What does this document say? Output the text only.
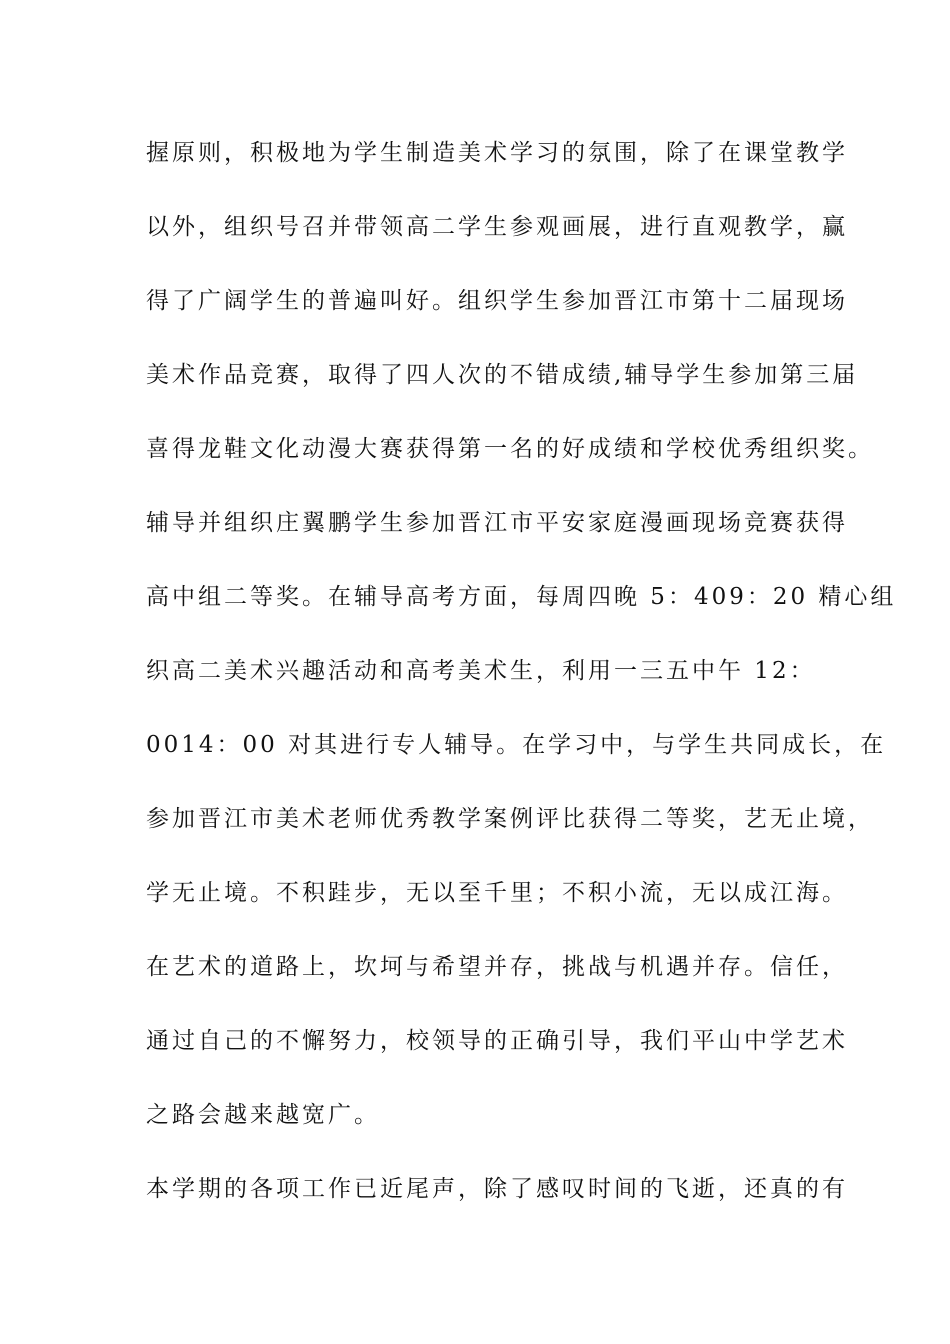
握原则，积极地为学生制造美术学习的氛围，除了在课堂教学
以外，组织号召并带领高二学生参观画展，进行直观教学，赢
得了广阔学生的普遍叫好。组织学生参加晋江市第十二届现场
美术作品竞赛，取得了四人次的不错成绩,辅导学生参加第三届
喜得龙鞋文化动漫大赛获得第一名的好成绩和学校优秀组织奖。
辅导并组织庄翼鹏学生参加晋江市平安家庭漫画现场竞赛获得
高中组二等奖。在辅导高考方面，每周四晚 5：409：20 精心组
织高二美术兴趣活动和高考美术生，利用一三五中午 12：
0014：00 对其进行专人辅导。在学习中，与学生共同成长，在
参加晋江市美术老师优秀教学案例评比获得二等奖，艺无止境，
学无止境。不积跬步，无以至千里；不积小流，无以成江海。
在艺术的道路上，坎坷与希望并存，挑战与机遇并存。信任，
通过自己的不懈努力，校领导的正确引导，我们平山中学艺术
之路会越来越宽广。
本学期的各项工作已近尾声，除了感叹时间的飞逝，还真的有
